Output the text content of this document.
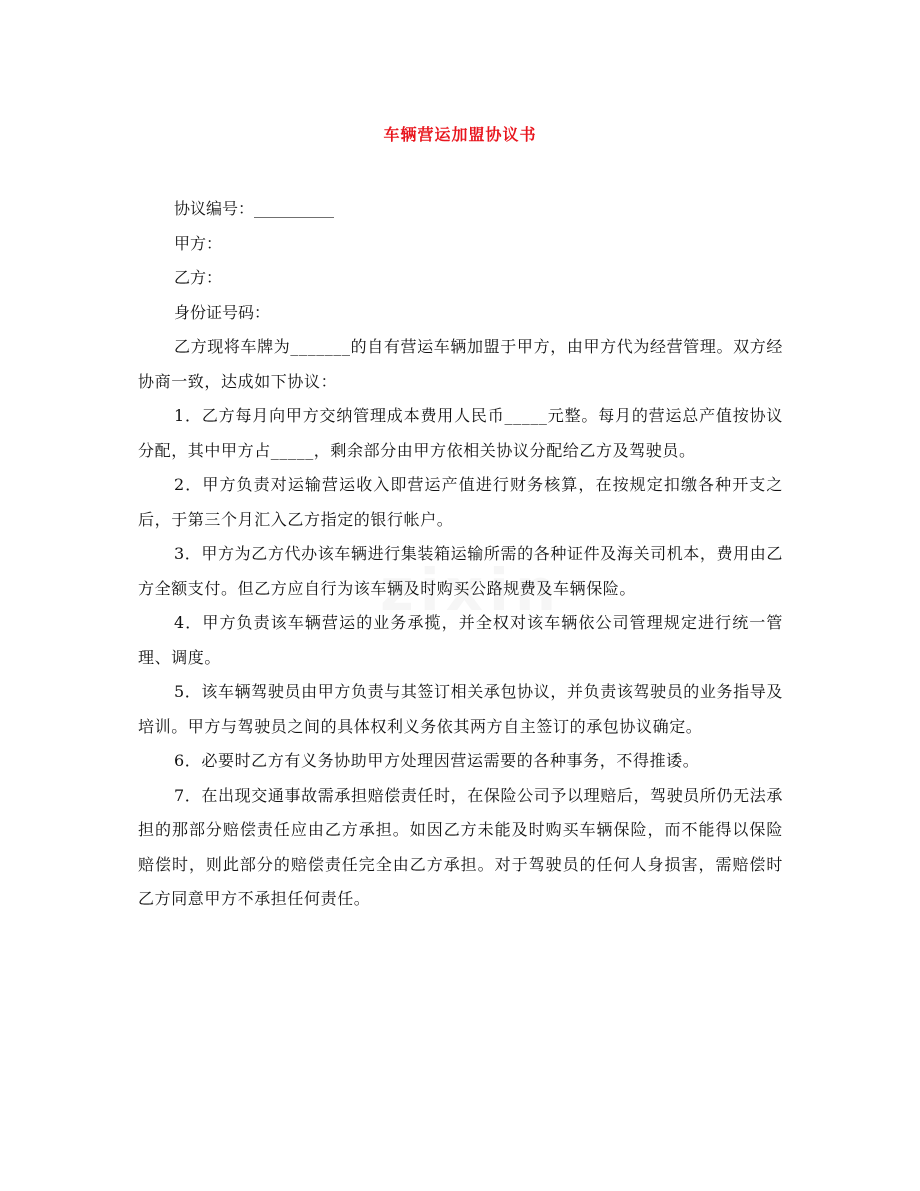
车辆营运加盟协议书

协议编号：__________

甲方：

乙方：

身份证号码：

乙方现将车牌为_______的自有营运车辆加盟于甲方，由甲方代为经营管理。双方经协商一致，达成如下协议：

1．乙方每月向甲方交纳管理成本费用人民币_____元整。每月的营运总产值按协议分配，其中甲方占_____，剩余部分由甲方依相关协议分配给乙方及驾驶员。

2．甲方负责对运输营运收入即营运产值进行财务核算，在按规定扣缴各种开支之后，于第三个月汇入乙方指定的银行帐户。

3．甲方为乙方代办该车辆进行集装箱运输所需的各种证件及海关司机本，费用由乙方全额支付。但乙方应自行为该车辆及时购买公路规费及车辆保险。

4．甲方负责该车辆营运的业务承揽，并全权对该车辆依公司管理规定进行统一管理、调度。

5．该车辆驾驶员由甲方负责与其签订相关承包协议，并负责该驾驶员的业务指导及培训。甲方与驾驶员之间的具体权利义务依其两方自主签订的承包协议确定。

6．必要时乙方有义务协助甲方处理因营运需要的各种事务，不得推诿。

7．在出现交通事故需承担赔偿责任时，在保险公司予以理赔后，驾驶员所仍无法承担的那部分赔偿责任应由乙方承担。如因乙方未能及时购买车辆保险，而不能得以保险赔偿时，则此部分的赔偿责任完全由乙方承担。对于驾驶员的任何人身损害，需赔偿时乙方同意甲方不承担任何责任。
